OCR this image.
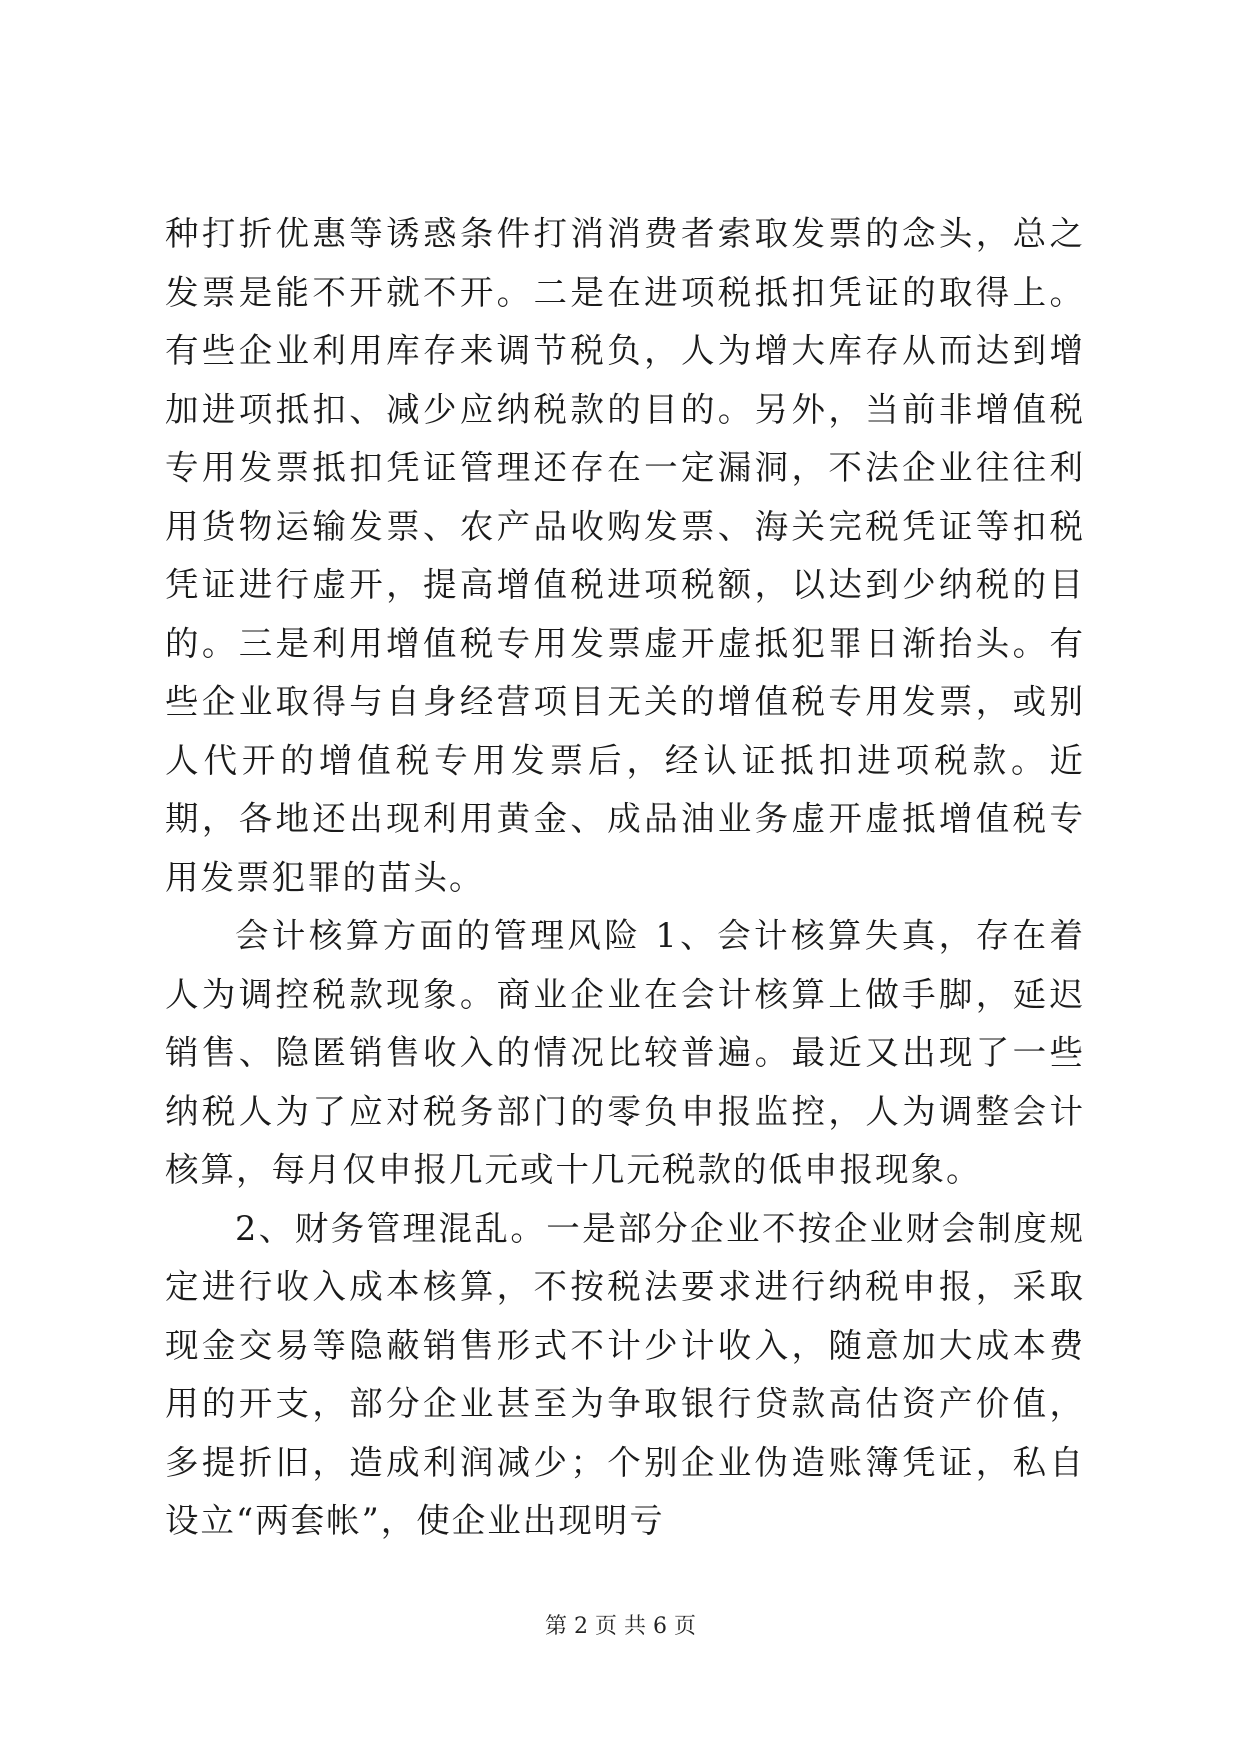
种打折优惠等诱惑条件打消消费者索取发票的念头，总之发票是能不开就不开。二是在进项税抵扣凭证的取得上。有些企业利用库存来调节税负，人为增大库存从而达到增加进项抵扣、减少应纳税款的目的。另外，当前非增值税专用发票抵扣凭证管理还存在一定漏洞，不法企业往往利用货物运输发票、农产品收购发票、海关完税凭证等扣税凭证进行虚开，提高增值税进项税额，以达到少纳税的目的。三是利用增值税专用发票虚开虚抵犯罪日渐抬头。有些企业取得与自身经营项目无关的增值税专用发票，或别人代开的增值税专用发票后，经认证抵扣进项税款。近期，各地还出现利用黄金、成品油业务虚开虚抵增值税专用发票犯罪的苗头。

会计核算方面的管理风险 1、会计核算失真，存在着人为调控税款现象。商业企业在会计核算上做手脚，延迟销售、隐匿销售收入的情况比较普遍。最近又出现了一些纳税人为了应对税务部门的零负申报监控，人为调整会计核算，每月仅申报几元或十几元税款的低申报现象。

2、财务管理混乱。一是部分企业不按企业财会制度规定进行收入成本核算，不按税法要求进行纳税申报，采取现金交易等隐蔽销售形式不计少计收入，随意加大成本费用的开支，部分企业甚至为争取银行贷款高估资产价值，多提折旧，造成利润减少；个别企业伪造账簿凭证，私自设立“两套帐”，使企业出现明亏

第 2 页 共 6 页
